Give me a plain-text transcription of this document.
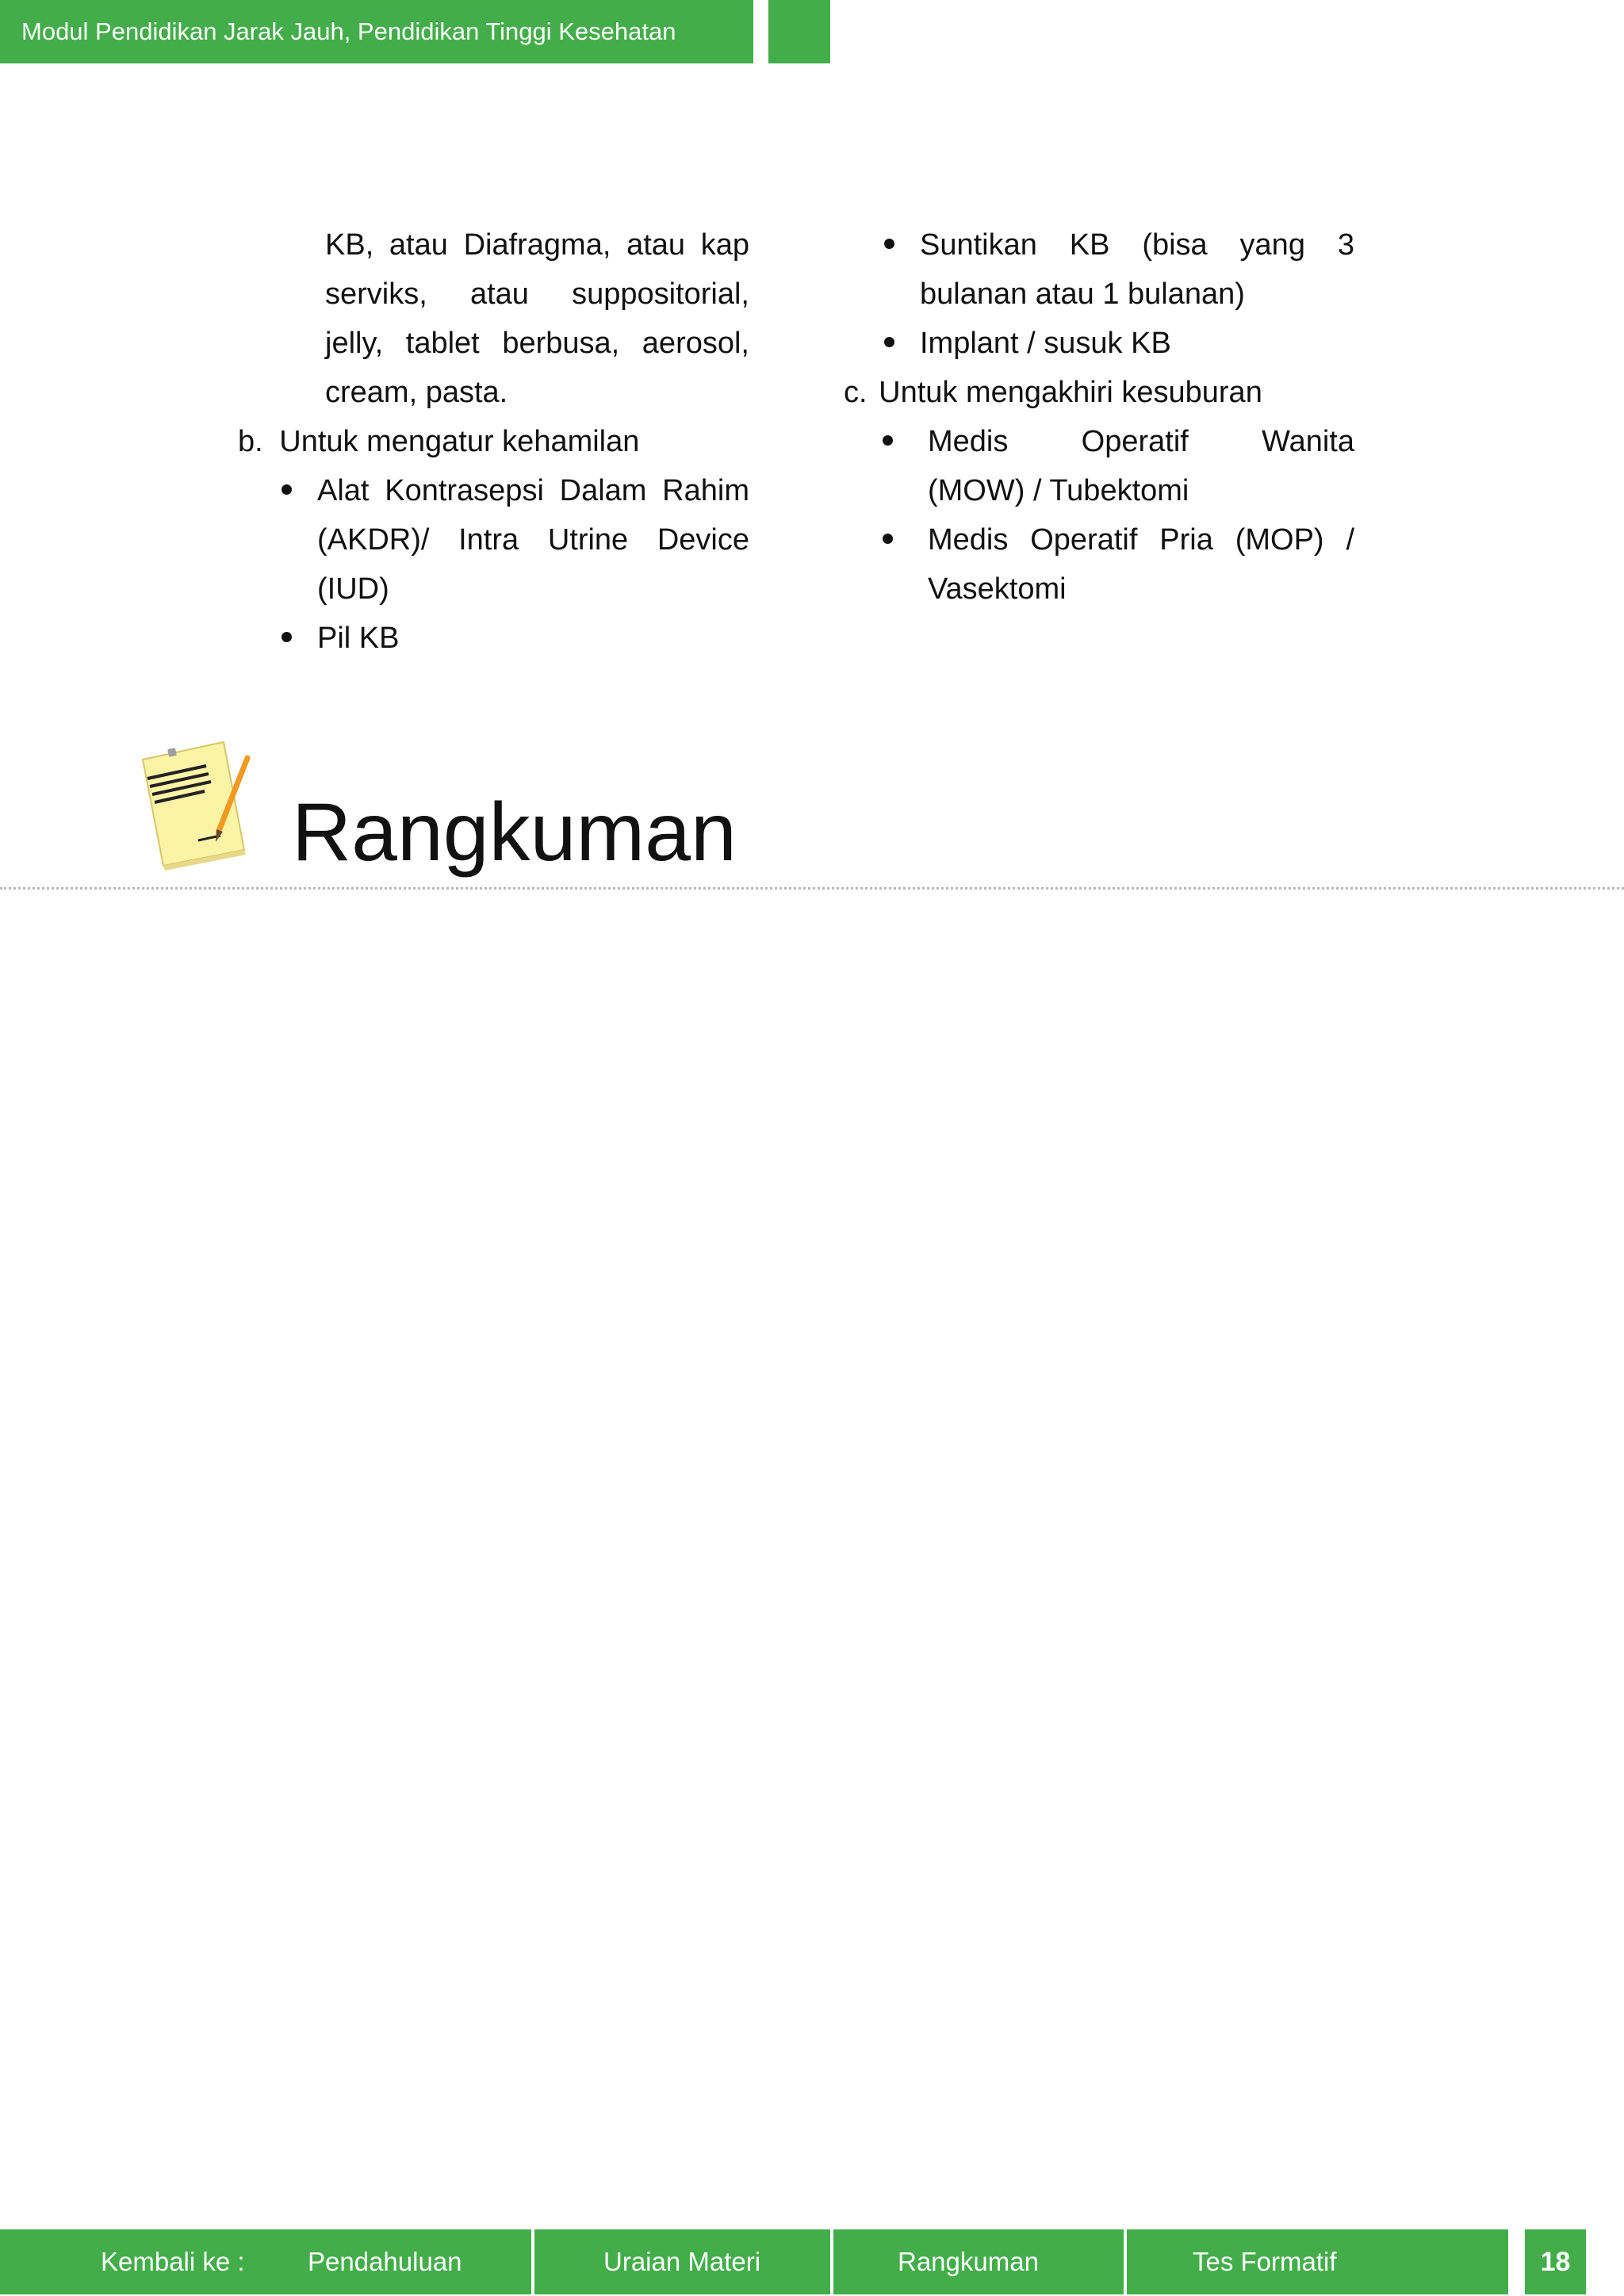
Modul Pendidikan Jarak Jauh, Pendidikan Tinggi Kesehatan
KB, atau Diafragma, atau kap
serviks, atau suppositorial,
jelly, tablet berbusa, aerosol,
cream, pasta.
b. Untuk mengatur kehamilan
Alat Kontrasepsi Dalam Rahim
(AKDR)/ Intra Utrine Device
(IUD)
Pil KB
Suntikan KB (bisa yang 3
bulanan atau 1 bulanan)
Implant / susuk KB
c. Untuk mengakhiri kesuburan
Medis Operatif Wanita
(MOW) / Tubektomi
Medis Operatif Pria (MOP) /
Vasektomi
Rangkuman
Kembali ke : Pendahuluan	Uraian Materi	Rangkuman	Tes Formatif	18
